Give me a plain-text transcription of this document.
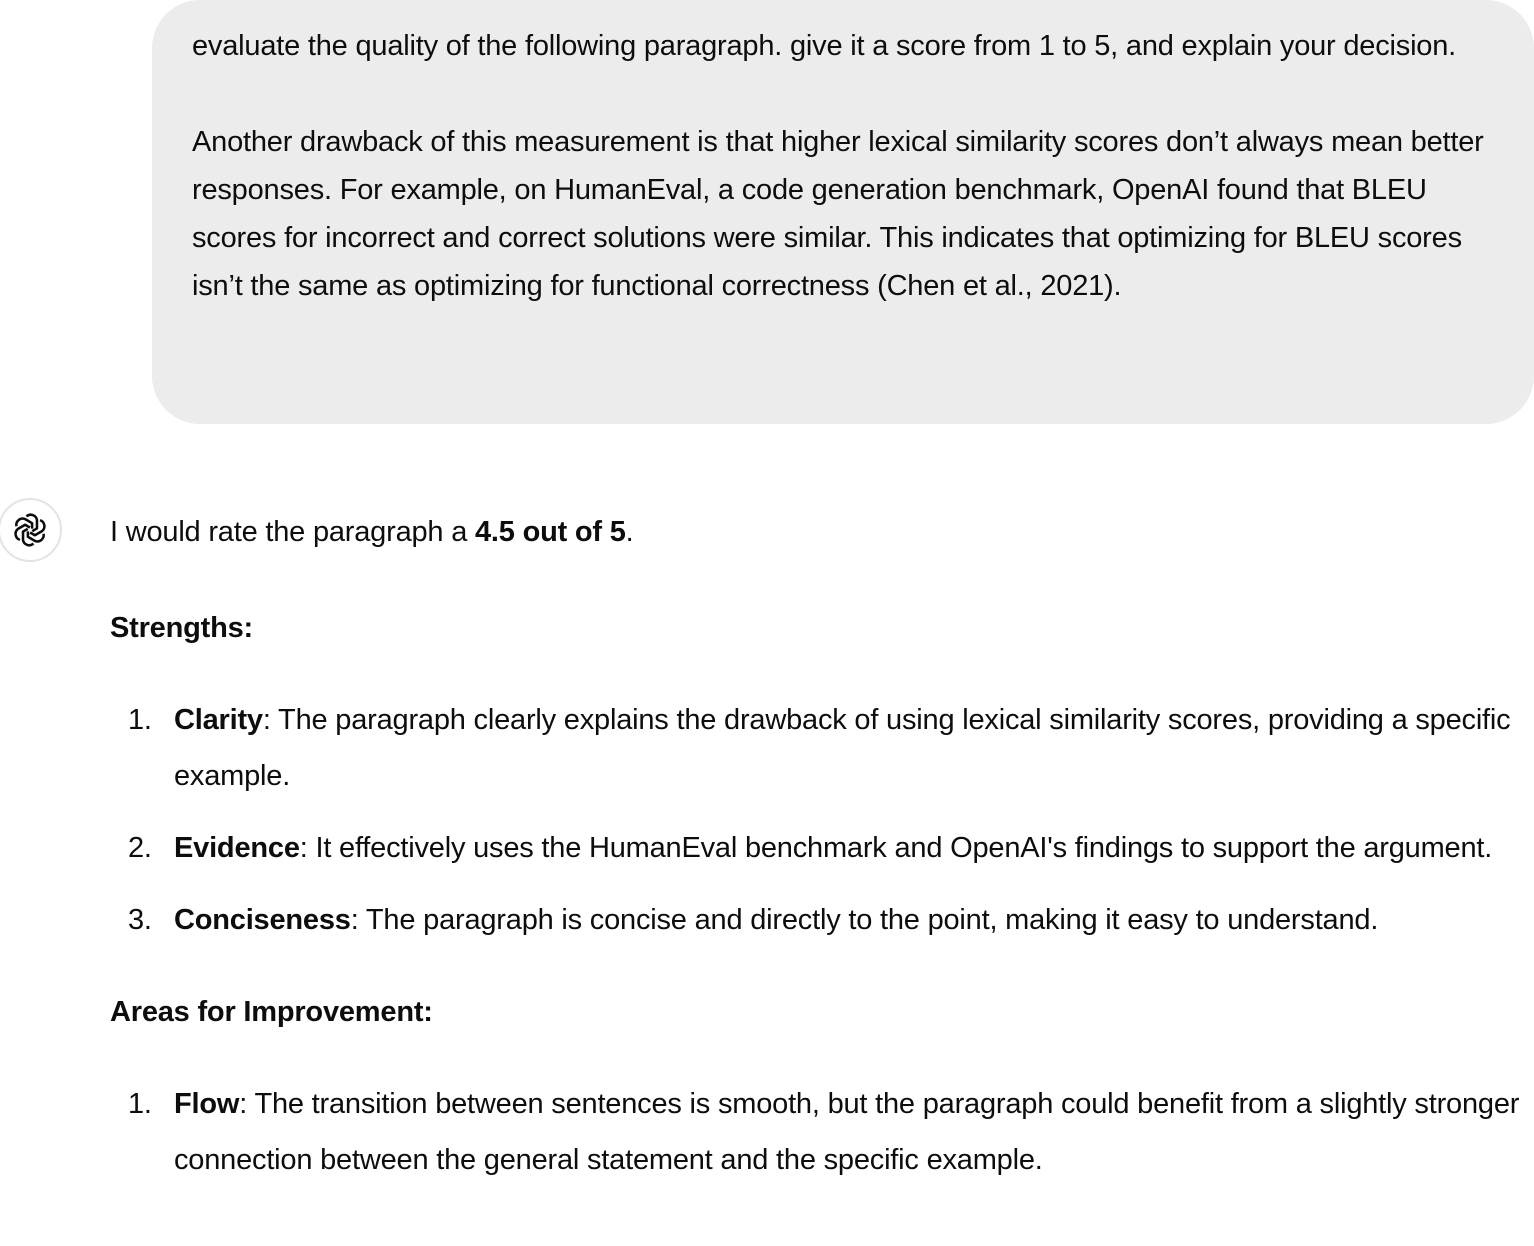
evaluate the quality of the following paragraph. give it a score from 1 to 5, and explain your decision.

Another drawback of this measurement is that higher lexical similarity scores don’t always mean better responses. For example, on HumanEval, a code generation benchmark, OpenAI found that BLEU scores for incorrect and correct solutions were similar. This indicates that optimizing for BLEU scores isn’t the same as optimizing for functional correctness (Chen et al., 2021).

I would rate the paragraph a 4.5 out of 5.

Strengths:

1. Clarity: The paragraph clearly explains the drawback of using lexical similarity scores, providing a specific example.
2. Evidence: It effectively uses the HumanEval benchmark and OpenAI's findings to support the argument.
3. Conciseness: The paragraph is concise and directly to the point, making it easy to understand.

Areas for Improvement:

1. Flow: The transition between sentences is smooth, but the paragraph could benefit from a slightly stronger connection between the general statement and the specific example.
